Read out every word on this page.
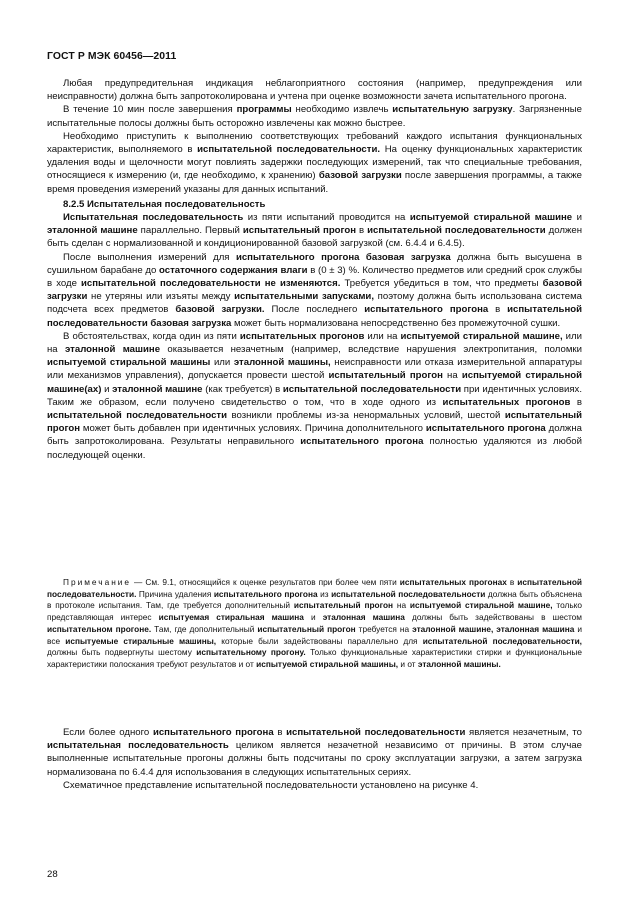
ГОСТ Р МЭК 60456—2011

Любая предупредительная индикация неблагоприятного состояния (например, предупреждения или неисправности) должна быть запротоколирована и учтена при оценке возможности зачета испытательного прогона.

В течение 10 мин после завершения программы необходимо извлечь испытательную загрузку. Загрязненные испытательные полосы должны быть осторожно извлечены как можно быстрее.

Необходимо приступить к выполнению соответствующих требований каждого испытания функциональных характеристик, выполняемого в испытательной последовательности. На оценку функциональных характеристик удаления воды и щелочности могут повлиять задержки последующих измерений, так что специальные требования, относящиеся к измерению (и, где необходимо, к хранению) базовой загрузки после завершения программы, а также время проведения измерений указаны для данных испытаний.

8.2.5 Испытательная последовательность

Испытательная последовательность из пяти испытаний проводится на испытуемой стиральной машине и эталонной машине параллельно. Первый испытательный прогон в испытательной последовательности должен быть сделан с нормализованной и кондиционированной базовой загрузкой (см. 6.4.4 и 6.4.5).

После выполнения измерений для испытательного прогона базовая загрузка должна быть высушена в сушильном барабане до остаточного содержания влаги в (0 ± 3) %. Количество предметов или средний срок службы в ходе испытательной последовательности не изменяются. Требуется убедиться в том, что предметы базовой загрузки не утеряны или изъяты между испытательными запусками, поэтому должна быть использована система подсчета всех предметов базовой загрузки. После последнего испытательного прогона в испытательной последовательности базовая загрузка может быть нормализована непосредственно без промежуточной сушки.

В обстоятельствах, когда один из пяти испытательных прогонов или на испытуемой стиральной машине, или на эталонной машине оказывается незачетным (например, вследствие нарушения электропитания, поломки испытуемой стиральной машины или эталонной машины, неисправности или отказа измерительной аппаратуры или механизмов управления), допускается провести шестой испытательный прогон на испытуемой стиральной машине(ах) и эталонной машине (как требуется) в испытательной последовательности при идентичных условиях. Таким же образом, если получено свидетельство о том, что в ходе одного из испытательных прогонов в испытательной последовательности возникли проблемы из-за ненормальных условий, шестой испытательный прогон может быть добавлен при идентичных условиях. Причина дополнительного испытательного прогона должна быть запротоколирована. Результаты неправильного испытательного прогона полностью удаляются из любой последующей оценки.

Примечание — См. 9.1, относящийся к оценке результатов при более чем пяти испытательных прогонах в испытательной последовательности. Причина удаления испытательного прогона из испытательной последовательности должна быть объяснена в протоколе испытания. Там, где требуется дополнительный испытательный прогон на испытуемой стиральной машине, только представляющая интерес испытуемая стиральная машина и эталонная машина должны быть задействованы в шестом испытательном прогоне. Там, где дополнительный испытательный прогон требуется на эталонной машине, эталонная машина и все испытуемые стиральные машины, которые были задействованы параллельно для испытательной последовательности, должны быть подвергнуты шестому испытательному прогону. Только функциональные характеристики стирки и функциональные характеристики полоскания требуют результатов и от испытуемой стиральной машины, и от эталонной машины.

Если более одного испытательного прогона в испытательной последовательности является незачетным, то испытательная последовательность целиком является незачетной независимо от причины. В этом случае выполненные испытательные прогоны должны быть подсчитаны по сроку эксплуатации загрузки, а затем загрузка нормализована по 6.4.4 для использования в следующих испытательных сериях.

Схематичное представление испытательной последовательности установлено на рисунке 4.

28
